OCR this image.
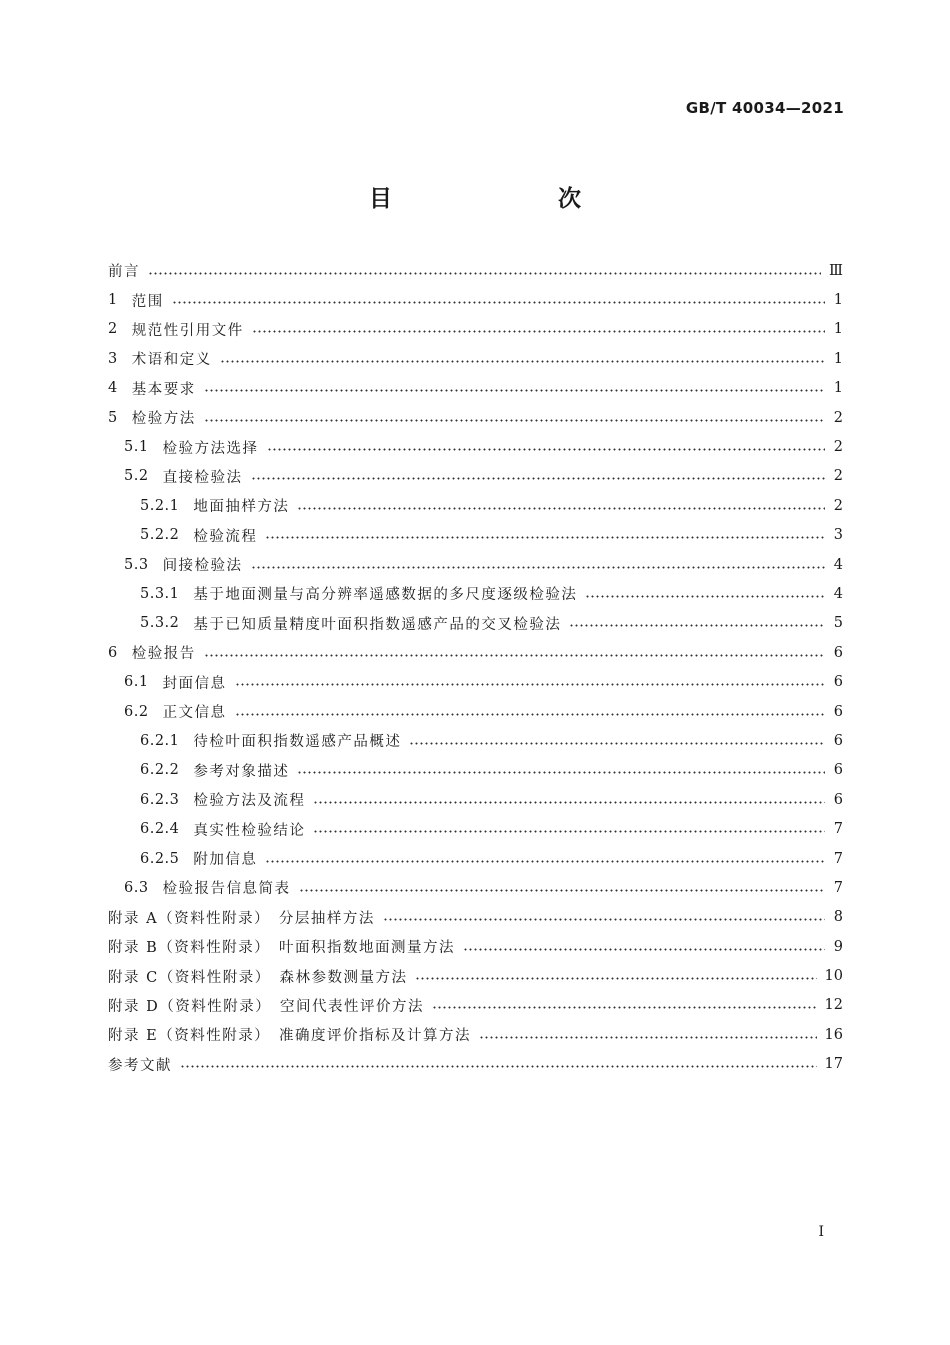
GB/T 40034—2021
目　　次
前言	Ⅲ
1 范围	1
2 规范性引用文件	1
3 术语和定义	1
4 基本要求	1
5 检验方法	2
5.1 检验方法选择	2
5.2 直接检验法	2
5.2.1 地面抽样方法	2
5.2.2 检验流程	3
5.3 间接检验法	4
5.3.1 基于地面测量与高分辨率遥感数据的多尺度逐级检验法	4
5.3.2 基于已知质量精度叶面积指数遥感产品的交叉检验法	5
6 检验报告	6
6.1 封面信息	6
6.2 正文信息	6
6.2.1 待检叶面积指数遥感产品概述	6
6.2.2 参考对象描述	6
6.2.3 检验方法及流程	6
6.2.4 真实性检验结论	7
6.2.5 附加信息	7
6.3 检验报告信息简表	7
附录 A（资料性附录）　分层抽样方法	8
附录 B（资料性附录）　叶面积指数地面测量方法	9
附录 C（资料性附录）　森林参数测量方法	10
附录 D（资料性附录）　空间代表性评价方法	12
附录 E（资料性附录）　准确度评价指标及计算方法	16
参考文献	17
I
